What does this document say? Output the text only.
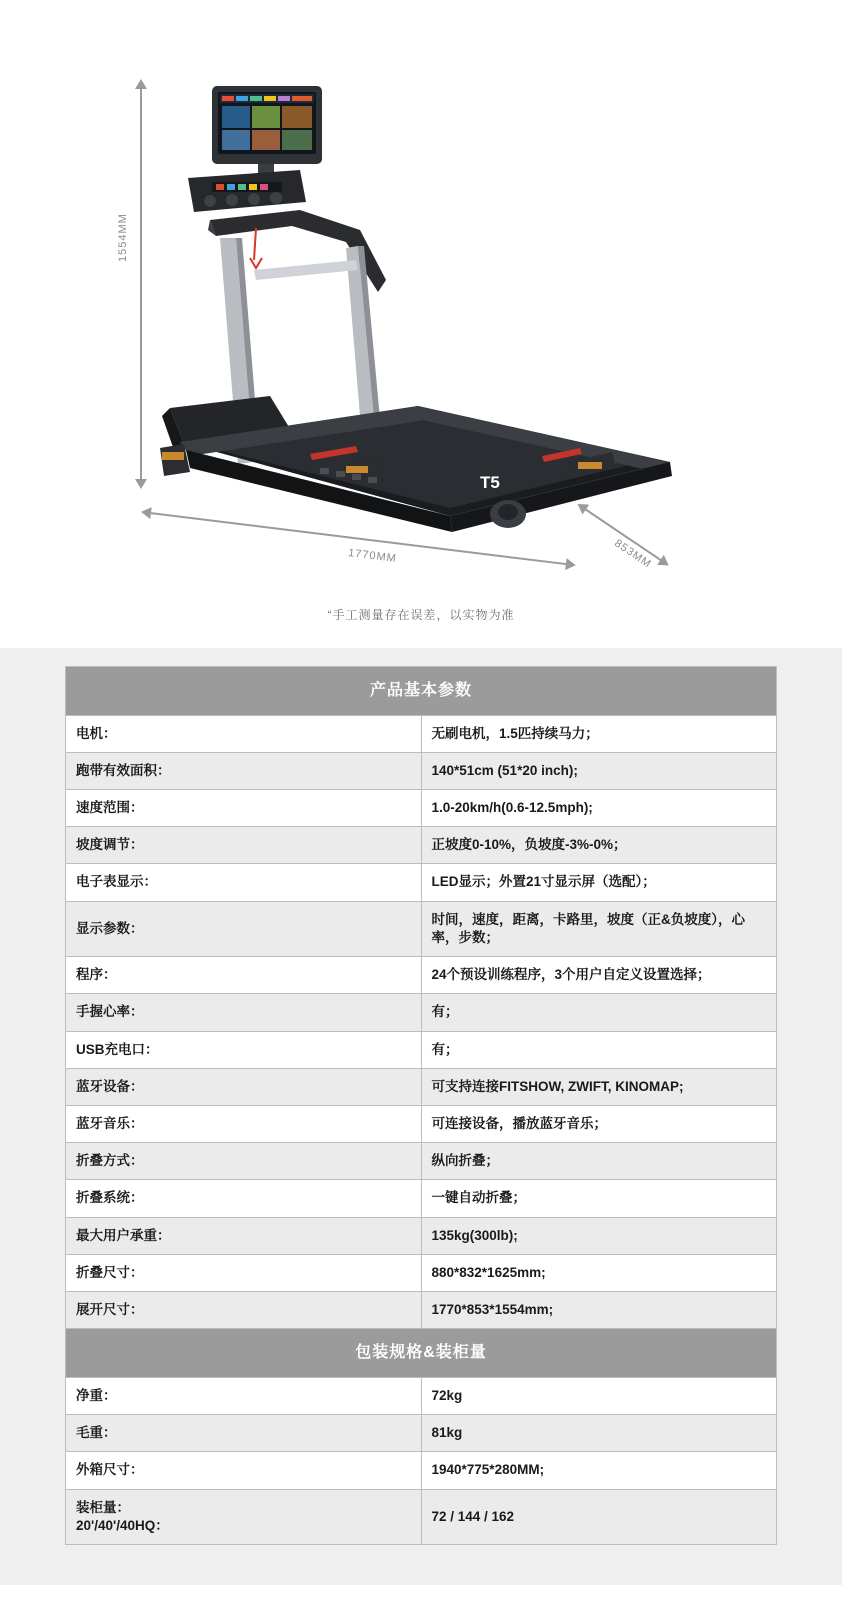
T5
1554MM
1770MM	853MM
“手工测量存在误差，以实物为准
产品基本参数	
电机：	无刷电机，1.5匹持续马力；
跑带有效面积：	140*51cm (51*20 inch);
速度范围：	1.0-20km/h(0.6-12.5mph);
坡度调节：	正坡度0-10%，负坡度-3%-0%；
电子表显示：	LED显示；外置21寸显示屏（选配）；
显示参数：	时间，速度，距离，卡路里，坡度（正&负坡度），心率，步数；
程序：	24个预设训练程序，3个用户自定义设置选择；
手握心率：	有；
USB充电口：	有；
蓝牙设备：	可支持连接FITSHOW, ZWIFT, KINOMAP;
蓝牙音乐：	可连接设备，播放蓝牙音乐；
折叠方式：	纵向折叠；
折叠系统：	一键自动折叠；
最大用户承重：	135kg(300lb);
折叠尺寸：	880*832*1625mm;
展开尺寸：	1770*853*1554mm;
包装规格&装柜量	
净重：	72kg
毛重：	81kg
外箱尺寸：	1940*775*280MM;
装柜量：
20'/40'/40HQ：	72 / 144 / 162
